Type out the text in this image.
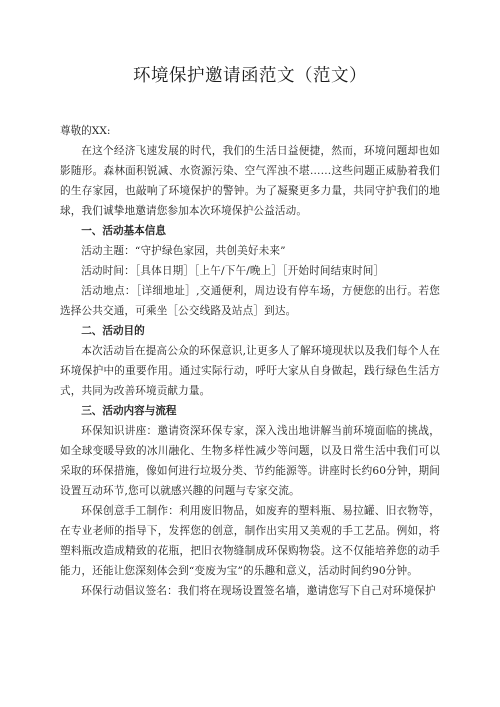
环境保护邀请函范文（范文）

尊敬的XX:

在这个经济飞速发展的时代，我们的生活日益便捷，然而，环境问题却也如影随形。森林面积锐减、水资源污染、空气浑浊不堪……这些问题正威胁着我们的生存家园，也敲响了环境保护的警钟。为了凝聚更多力量，共同守护我们的地球，我们诚挚地邀请您参加本次环境保护公益活动。

一、活动基本信息

活动主题：“守护绿色家园，共创美好未来”

活动时间：［具体日期］［上午/下午/晚上］［开始时间结束时间］

活动地点：［详细地址］,交通便利，周边设有停车场，方便您的出行。若您选择公共交通，可乘坐［公交线路及站点］到达。

二、活动目的

本次活动旨在提高公众的环保意识,让更多人了解环境现状以及我们每个人在环境保护中的重要作用。通过实际行动，呼吁大家从自身做起，践行绿色生活方式，共同为改善环境贡献力量。

三、活动内容与流程

环保知识讲座：邀请资深环保专家，深入浅出地讲解当前环境面临的挑战，如全球变暖导致的冰川融化、生物多样性减少等问题，以及日常生活中我们可以采取的环保措施，像如何进行垃圾分类、节约能源等。讲座时长约60分钟，期间设置互动环节,您可以就感兴趣的问题与专家交流。

环保创意手工制作：利用废旧物品，如废弃的塑料瓶、易拉罐、旧衣物等，在专业老师的指导下，发挥您的创意，制作出实用又美观的手工艺品。例如，将塑料瓶改造成精致的花瓶，把旧衣物缝制成环保购物袋。这不仅能培养您的动手能力，还能让您深刻体会到“变废为宝”的乐趣和意义，活动时间约90分钟。

环保行动倡议签名：我们将在现场设置签名墙，邀请您写下自己对环境保护
